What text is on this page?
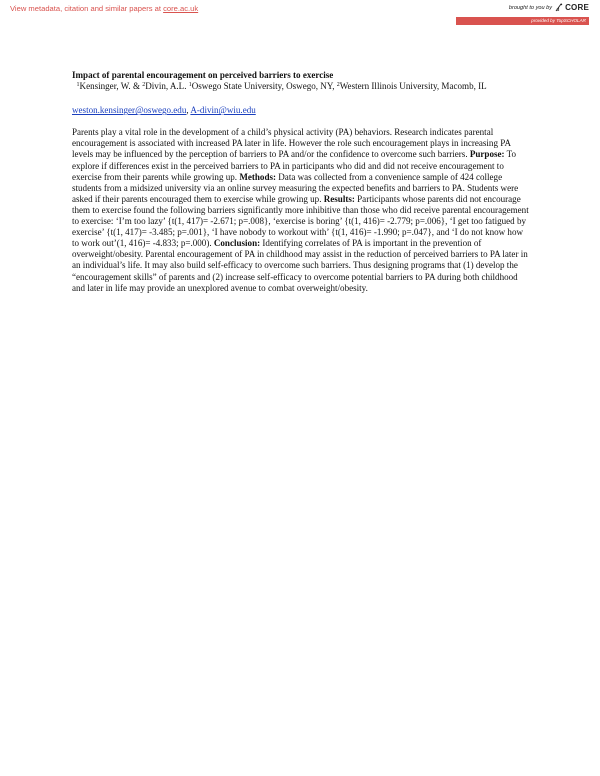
View metadata, citation and similar papers at core.ac.uk	brought to you by CORE
provided by TopSCHOLAR

Impact of parental encouragement on perceived barriers to exercise

$^1$Kensinger, W. & $^2$Divin, A.L. $^1$Oswego State University, Oswego, NY, $^2$Western Illinois University, Macomb, IL

weston.kensinger@oswego.edu, A-divin@wiu.edu

Parents play a vital role in the development of a child’s physical activity (PA) behaviors. Research indicates parental encouragement is associated with increased PA later in life. However the role such encouragement plays in increasing PA levels may be influenced by the perception of barriers to PA and/or the confidence to overcome such barriers. Purpose: To explore if differences exist in the perceived barriers to PA in participants who did and did not receive encouragement to exercise from their parents while growing up. Methods: Data was collected from a convenience sample of 424 college students from a midsized university via an online survey measuring the expected benefits and barriers to PA. Students were asked if their parents encouraged them to exercise while growing up. Results: Participants whose parents did not encourage them to exercise found the following barriers significantly more inhibitive than those who did receive parental encouragement to exercise: ‘I’m too lazy’ {t(1, 417)= -2.671; p=.008}, ‘exercise is boring’ {t(1, 416)= -2.779; p=.006}, ‘I get too fatigued by exercise’ {t(1, 417)= -3.485; p=.001}, ‘I have nobody to workout with’ {t(1, 416)= -1.990; p=.047}, and ‘I do not know how to work out’(1, 416)= -4.833; p=.000). Conclusion: Identifying correlates of PA is important in the prevention of overweight/obesity. Parental encouragement of PA in childhood may assist in the reduction of perceived barriers to PA later in an individual’s life. It may also build self-efficacy to overcome such barriers. Thus designing programs that (1) develop the “encouragement skills” of parents and (2) increase self-efficacy to overcome potential barriers to PA during both childhood and later in life may provide an unexplored avenue to combat overweight/obesity.
